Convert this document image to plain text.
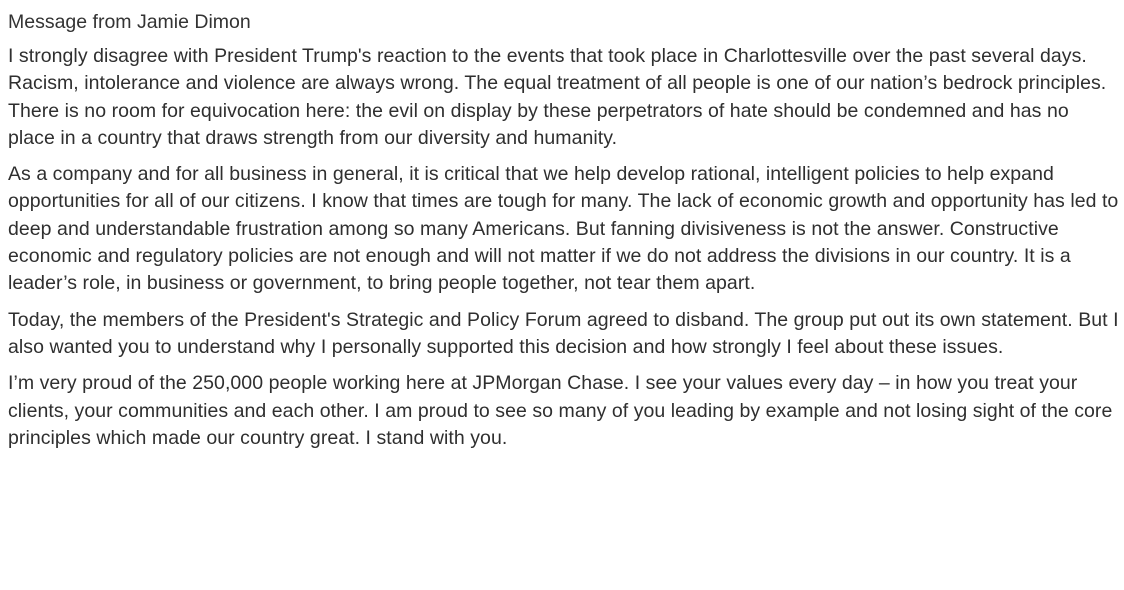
Message from Jamie Dimon

I strongly disagree with President Trump's reaction to the events that took place in Charlottesville over the past several days. Racism, intolerance and violence are always wrong. The equal treatment of all people is one of our nation’s bedrock principles. There is no room for equivocation here: the evil on display by these perpetrators of hate should be condemned and has no place in a country that draws strength from our diversity and humanity.

As a company and for all business in general, it is critical that we help develop rational, intelligent policies to help expand opportunities for all of our citizens. I know that times are tough for many. The lack of economic growth and opportunity has led to deep and understandable frustration among so many Americans. But fanning divisiveness is not the answer. Constructive economic and regulatory policies are not enough and will not matter if we do not address the divisions in our country. It is a leader’s role, in business or government, to bring people together, not tear them apart.

Today, the members of the President's Strategic and Policy Forum agreed to disband. The group put out its own statement. But I also wanted you to understand why I personally supported this decision and how strongly I feel about these issues.

I’m very proud of the 250,000 people working here at JPMorgan Chase. I see your values every day – in how you treat your clients, your communities and each other. I am proud to see so many of you leading by example and not losing sight of the core principles which made our country great. I stand with you.
